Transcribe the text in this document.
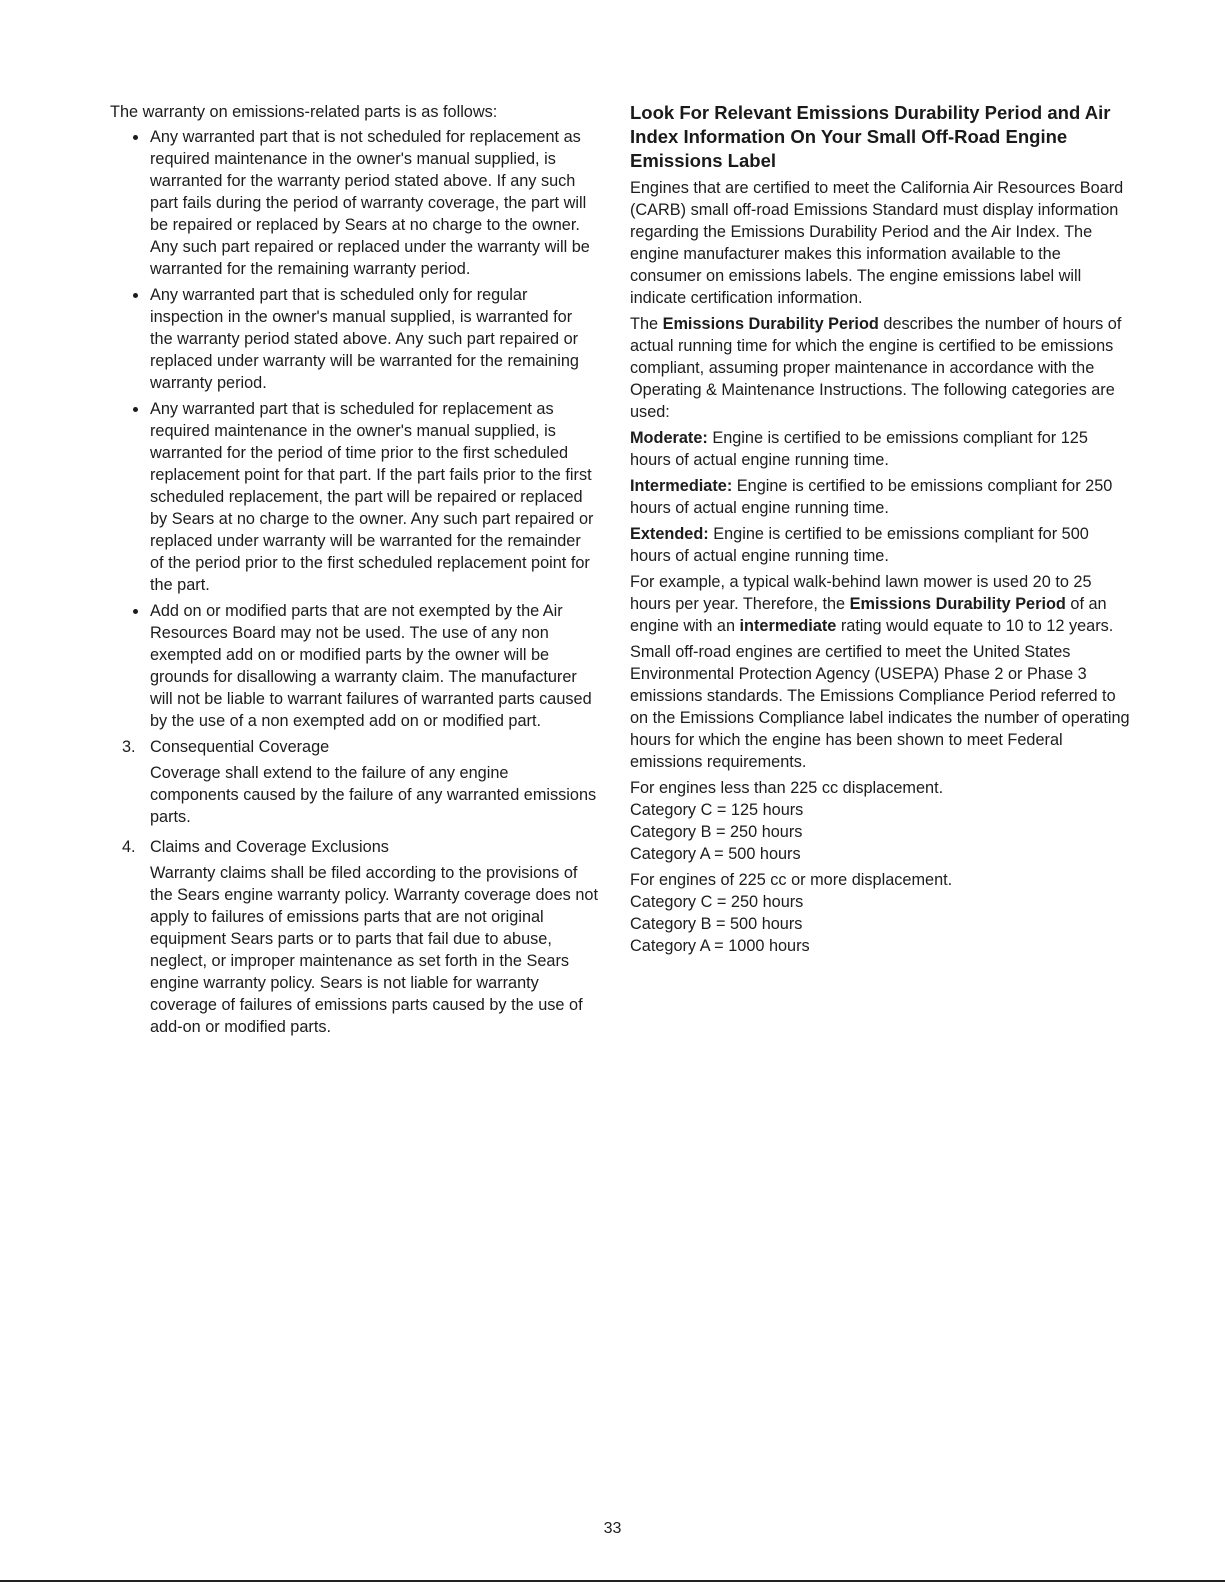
The warranty on emissions-related parts is as follows:

Any warranted part that is not scheduled for replacement as required maintenance in the owner's manual supplied, is warranted for the warranty period stated above. If any such part fails during the period of warranty coverage, the part will be repaired or replaced by Sears at no charge to the owner. Any such part repaired or replaced under the warranty will be warranted for the remaining warranty period.
Any warranted part that is scheduled only for regular inspection in the owner's manual supplied, is warranted for the warranty period stated above. Any such part repaired or replaced under warranty will be warranted for the remaining warranty period.
Any warranted part that is scheduled for replacement as required maintenance in the owner's manual supplied, is warranted for the period of time prior to the first scheduled replacement point for that part. If the part fails prior to the first scheduled replacement, the part will be repaired or replaced by Sears at no charge to the owner. Any such part repaired or replaced under warranty will be warranted for the remainder of the period prior to the first scheduled replacement point for the part.
Add on or modified parts that are not exempted by the Air Resources Board may not be used. The use of any non exempted add on or modified parts by the owner will be grounds for disallowing a warranty claim. The manufacturer will not be liable to warrant failures of warranted parts caused by the use of a non exempted add on or modified part.
3. Consequential Coverage

Coverage shall extend to the failure of any engine components caused by the failure of any warranted emissions parts.

4. Claims and Coverage Exclusions

Warranty claims shall be filed according to the provisions of the Sears engine warranty policy. Warranty coverage does not apply to failures of emissions parts that are not original equipment Sears parts or to parts that fail due to abuse, neglect, or improper maintenance as set forth in the Sears engine warranty policy. Sears is not liable for warranty coverage of failures of emissions parts caused by the use of add-on or modified parts.

Look For Relevant Emissions Durability Period and Air Index Information On Your Small Off-Road Engine Emissions Label

Engines that are certified to meet the California Air Resources Board (CARB) small off-road Emissions Standard must display information regarding the Emissions Durability Period and the Air Index. The engine manufacturer makes this information available to the consumer on emissions labels. The engine emissions label will indicate certification information.

The Emissions Durability Period describes the number of hours of actual running time for which the engine is certified to be emissions compliant, assuming proper maintenance in accordance with the Operating & Maintenance Instructions. The following categories are used:

Moderate: Engine is certified to be emissions compliant for 125 hours of actual engine running time.

Intermediate: Engine is certified to be emissions compliant for 250 hours of actual engine running time.

Extended: Engine is certified to be emissions compliant for 500 hours of actual engine running time.

For example, a typical walk-behind lawn mower is used 20 to 25 hours per year. Therefore, the Emissions Durability Period of an engine with an intermediate rating would equate to 10 to 12 years.

Small off-road engines are certified to meet the United States Environmental Protection Agency (USEPA) Phase 2 or Phase 3 emissions standards. The Emissions Compliance Period referred to on the Emissions Compliance label indicates the number of operating hours for which the engine has been shown to meet Federal emissions requirements.

For engines less than 225 cc displacement.

Category C = 125 hours

Category B = 250 hours

Category A = 500 hours

For engines of 225 cc or more displacement.

Category C = 250 hours

Category B = 500 hours

Category A = 1000 hours

33
